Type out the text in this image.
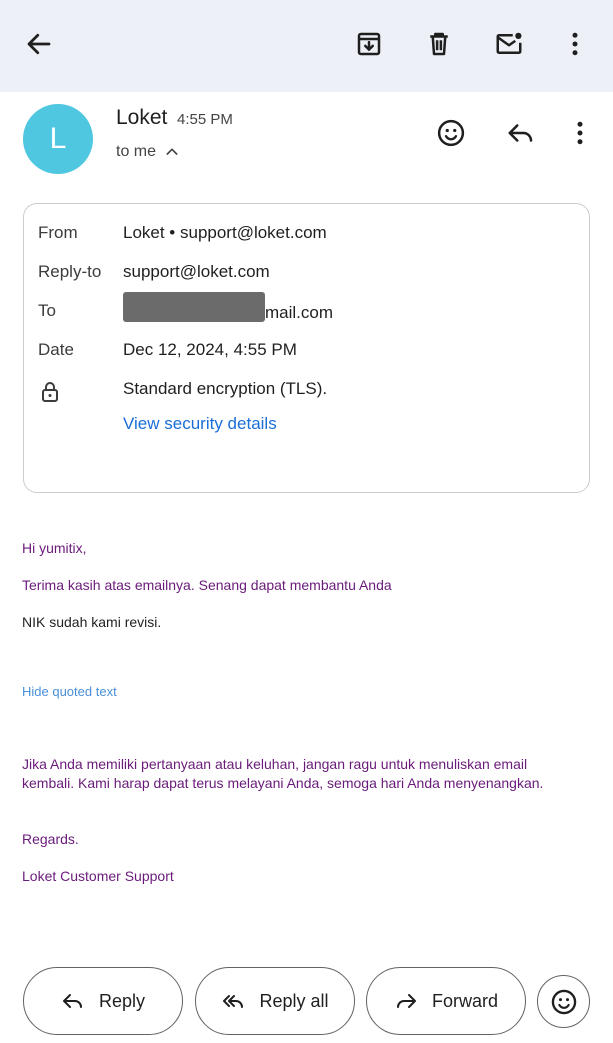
L
Loket 4:55 PM
to me
From	Loket • support@loket.com
Reply-to support@loket.com
To	mail.com
Date	Dec 12, 2024, 4:55 PM
Standard encryption (TLS).
View security details
Hi yumitix,
Terima kasih atas emailnya. Senang dapat membantu Anda
NIK sudah kami revisi.
Hide quoted text
Jika Anda memiliki pertanyaan atau keluhan, jangan ragu untuk menuliskan email kembali. Kami harap dapat terus melayani Anda, semoga hari Anda menyenangkan.
Regards.
Loket Customer Support
Reply	Reply all	Forward
